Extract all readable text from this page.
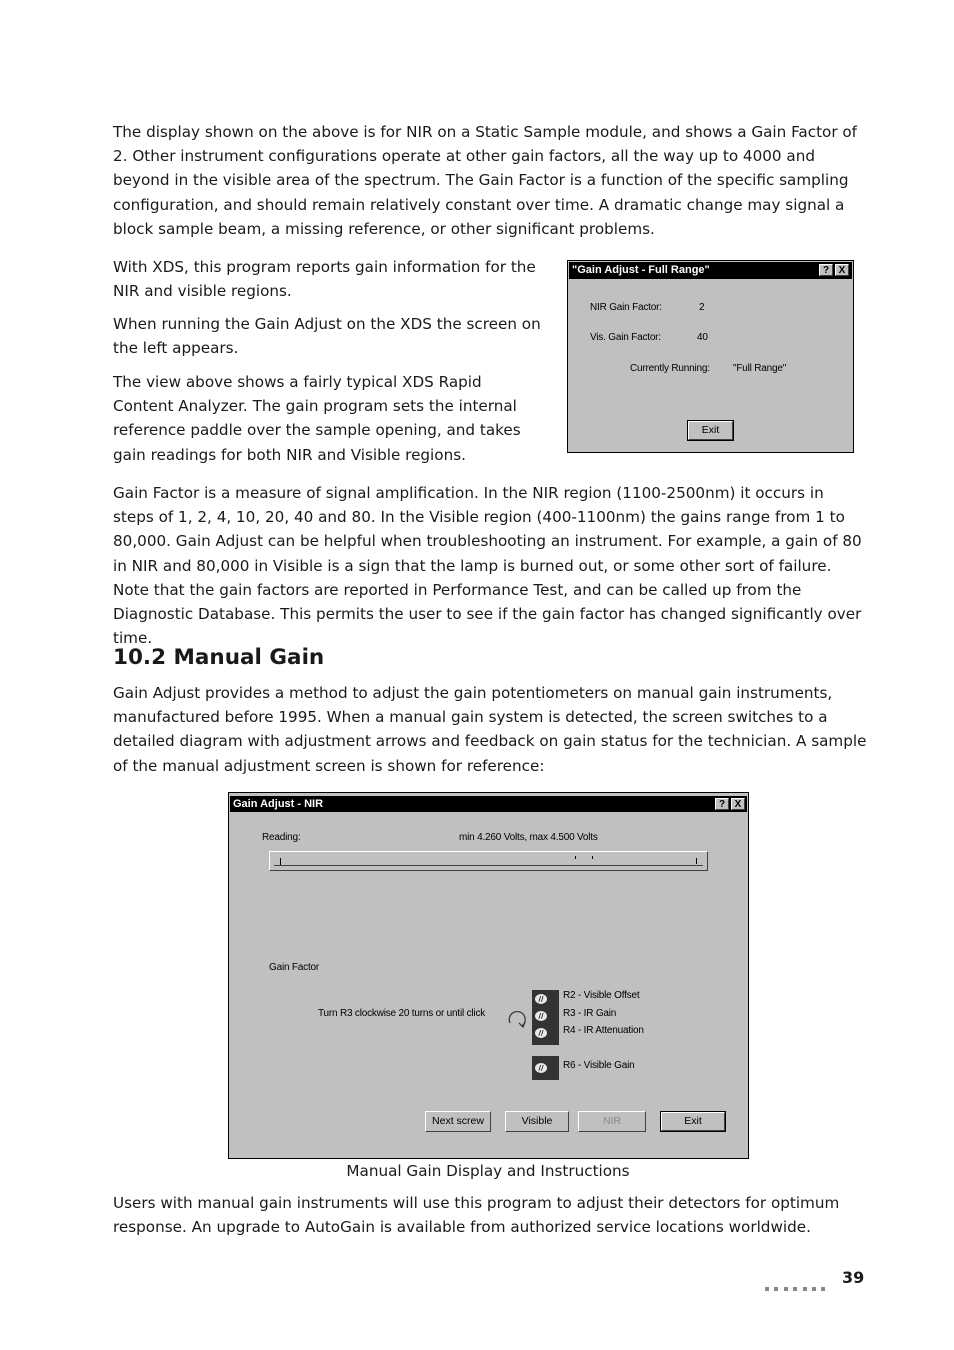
The display shown on the above is for NIR on a Static Sample module, and shows a Gain Factor of 2. Other instrument configurations operate at other gain factors, all the way up to 4000 and beyond in the visible area of the spectrum. The Gain Factor is a function of the specific sampling configuration, and should remain relatively constant over time. A dramatic change may signal a block sample beam, a missing reference, or other significant problems.

With XDS, this program reports gain information for the NIR and visible regions.

When running the Gain Adjust on the XDS the screen on the left appears.

The view above shows a fairly typical XDS Rapid Content Analyzer. The gain program sets the internal reference paddle over the sample opening, and takes gain readings for both NIR and Visible regions.

"Gain Adjust - Full Range"	? X
NIR Gain Factor:	2
Vis. Gain Factor:	40
Currently Running: "Full Range"
Exit

Gain Factor is a measure of signal amplification. In the NIR region (1100-2500nm) it occurs in steps of 1, 2, 4, 10, 20, 40 and 80. In the Visible region (400-1100nm) the gains range from 1 to 80,000. Gain Adjust can be helpful when troubleshooting an instrument. For example, a gain of 80 in NIR and 80,000 in Visible is a sign that the lamp is burned out, or some other sort of failure. Note that the gain factors are reported in Performance Test, and can be called up from the Diagnostic Database. This permits the user to see if the gain factor has changed significantly over time.

10.2 Manual Gain

Gain Adjust provides a method to adjust the gain potentiometers on manual gain instruments, manufactured before 1995. When a manual gain system is detected, the screen switches to a detailed diagram with adjustment arrows and feedback on gain status for the technician. A sample of the manual adjustment screen is shown for reference:

Gain Adjust - NIR	? X
Reading:	min 4.260 Volts, max 4.500 Volts
Gain Factor
Turn R3 clockwise 20 turns or until click
R2 - Visible Offset
R3 - IR Gain
R4 - IR Attenuation
R6 - Visible Gain
Next screw	Visible	NIR	Exit
//
//
//
//
Manual Gain Display and Instructions

Users with manual gain instruments will use this program to adjust their detectors for optimum response. An upgrade to AutoGain is available from authorized service locations worldwide.

39
